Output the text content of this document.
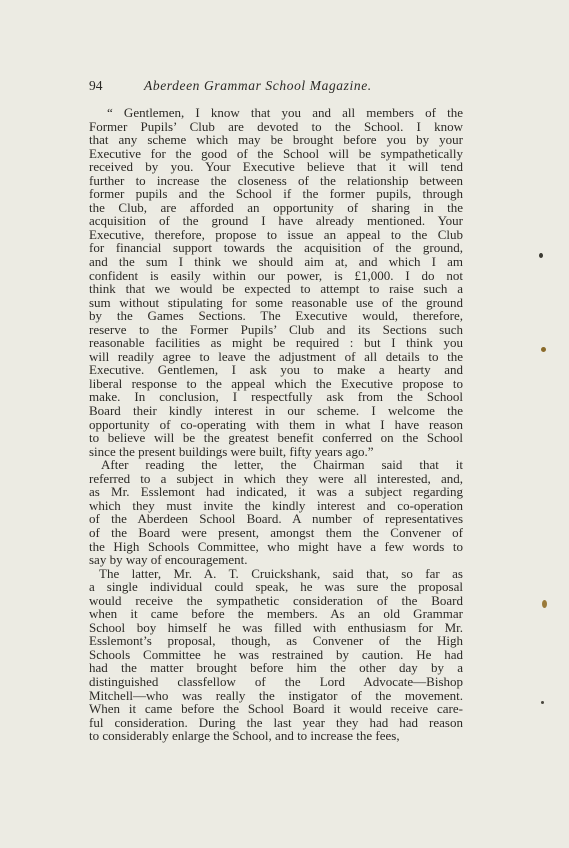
94	Aberdeen Grammar School Magazine.
“ Gentlemen, I know that you and all members of the
Former Pupils’ Club are devoted to the School. I know
that any scheme which may be brought before you by your
Executive for the good of the School will be sympathetically
received by you. Your Executive believe that it will tend
further to increase the closeness of the relationship between
former pupils and the School if the former pupils, through
the Club, are afforded an opportunity of sharing in the
acquisition of the ground I have already mentioned. Your
Executive, therefore, propose to issue an appeal to the Club
for financial support towards the acquisition of the ground,
and the sum I think we should aim at, and which I am
confident is easily within our power, is £1,000. I do not
think that we would be expected to attempt to raise such a
sum without stipulating for some reasonable use of the ground
by the Games Sections. The Executive would, therefore,
reserve to the Former Pupils’ Club and its Sections such
reasonable facilities as might be required : but I think you
will readily agree to leave the adjustment of all details to the
Executive. Gentlemen, I ask you to make a hearty and
liberal response to the appeal which the Executive propose to
make. In conclusion, I respectfully ask from the School
Board their kindly interest in our scheme. I welcome the
opportunity of co-operating with them in what I have reason
to believe will be the greatest benefit conferred on the School
since the present buildings were built, fifty years ago.”
After reading the letter, the Chairman said that it
referred to a subject in which they were all interested, and,
as Mr. Esslemont had indicated, it was a subject regarding
which they must invite the kindly interest and co-operation
of the Aberdeen School Board. A number of representatives
of the Board were present, amongst them the Convener of
the High Schools Committee, who might have a few words to
say by way of encouragement.
The latter, Mr. A. T. Cruickshank, said that, so far as
a single individual could speak, he was sure the proposal
would receive the sympathetic consideration of the Board
when it came before the members. As an old Grammar
School boy himself he was filled with enthusiasm for Mr.
Esslemont’s proposal, though, as Convener of the High
Schools Committee he was restrained by caution. He had
had the matter brought before him the other day by a
distinguished classfellow of the Lord Advocate—Bishop
Mitchell—who was really the instigator of the movement.
When it came before the School Board it would receive care-
ful consideration. During the last year they had had reason
to considerably enlarge the School, and to increase the fees,
